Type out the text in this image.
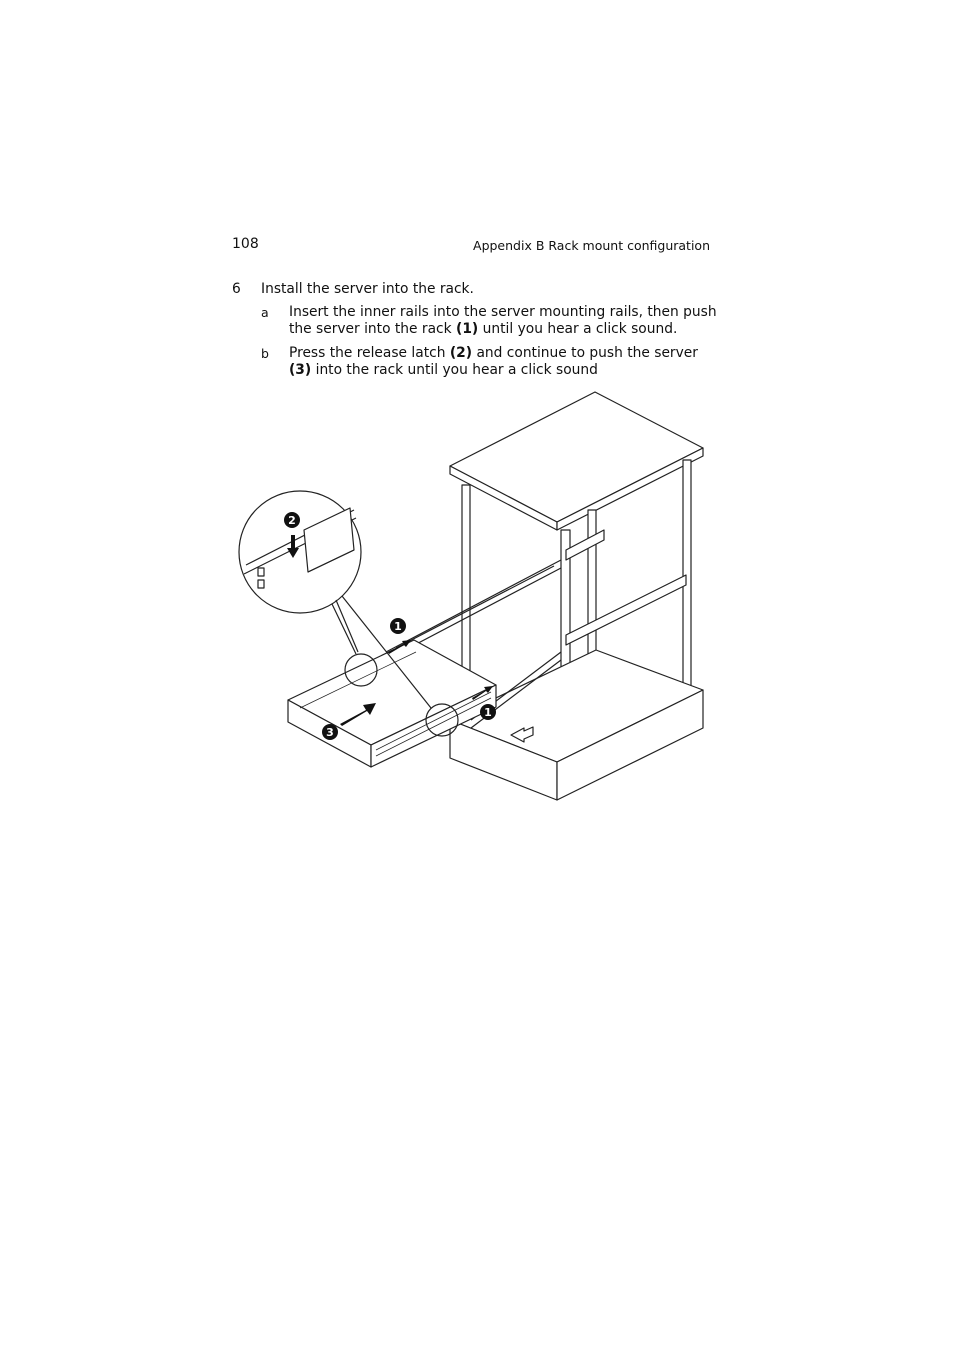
108	Appendix B Rack mount configuration
6 Install the server into the rack.
a Insert the inner rails into the server mounting rails, then push the server into the rack (1) until you hear a click sound.
b Press the release latch (2) and continue to push the server (3) into the rack until you hear a click sound
2
1
1
3
